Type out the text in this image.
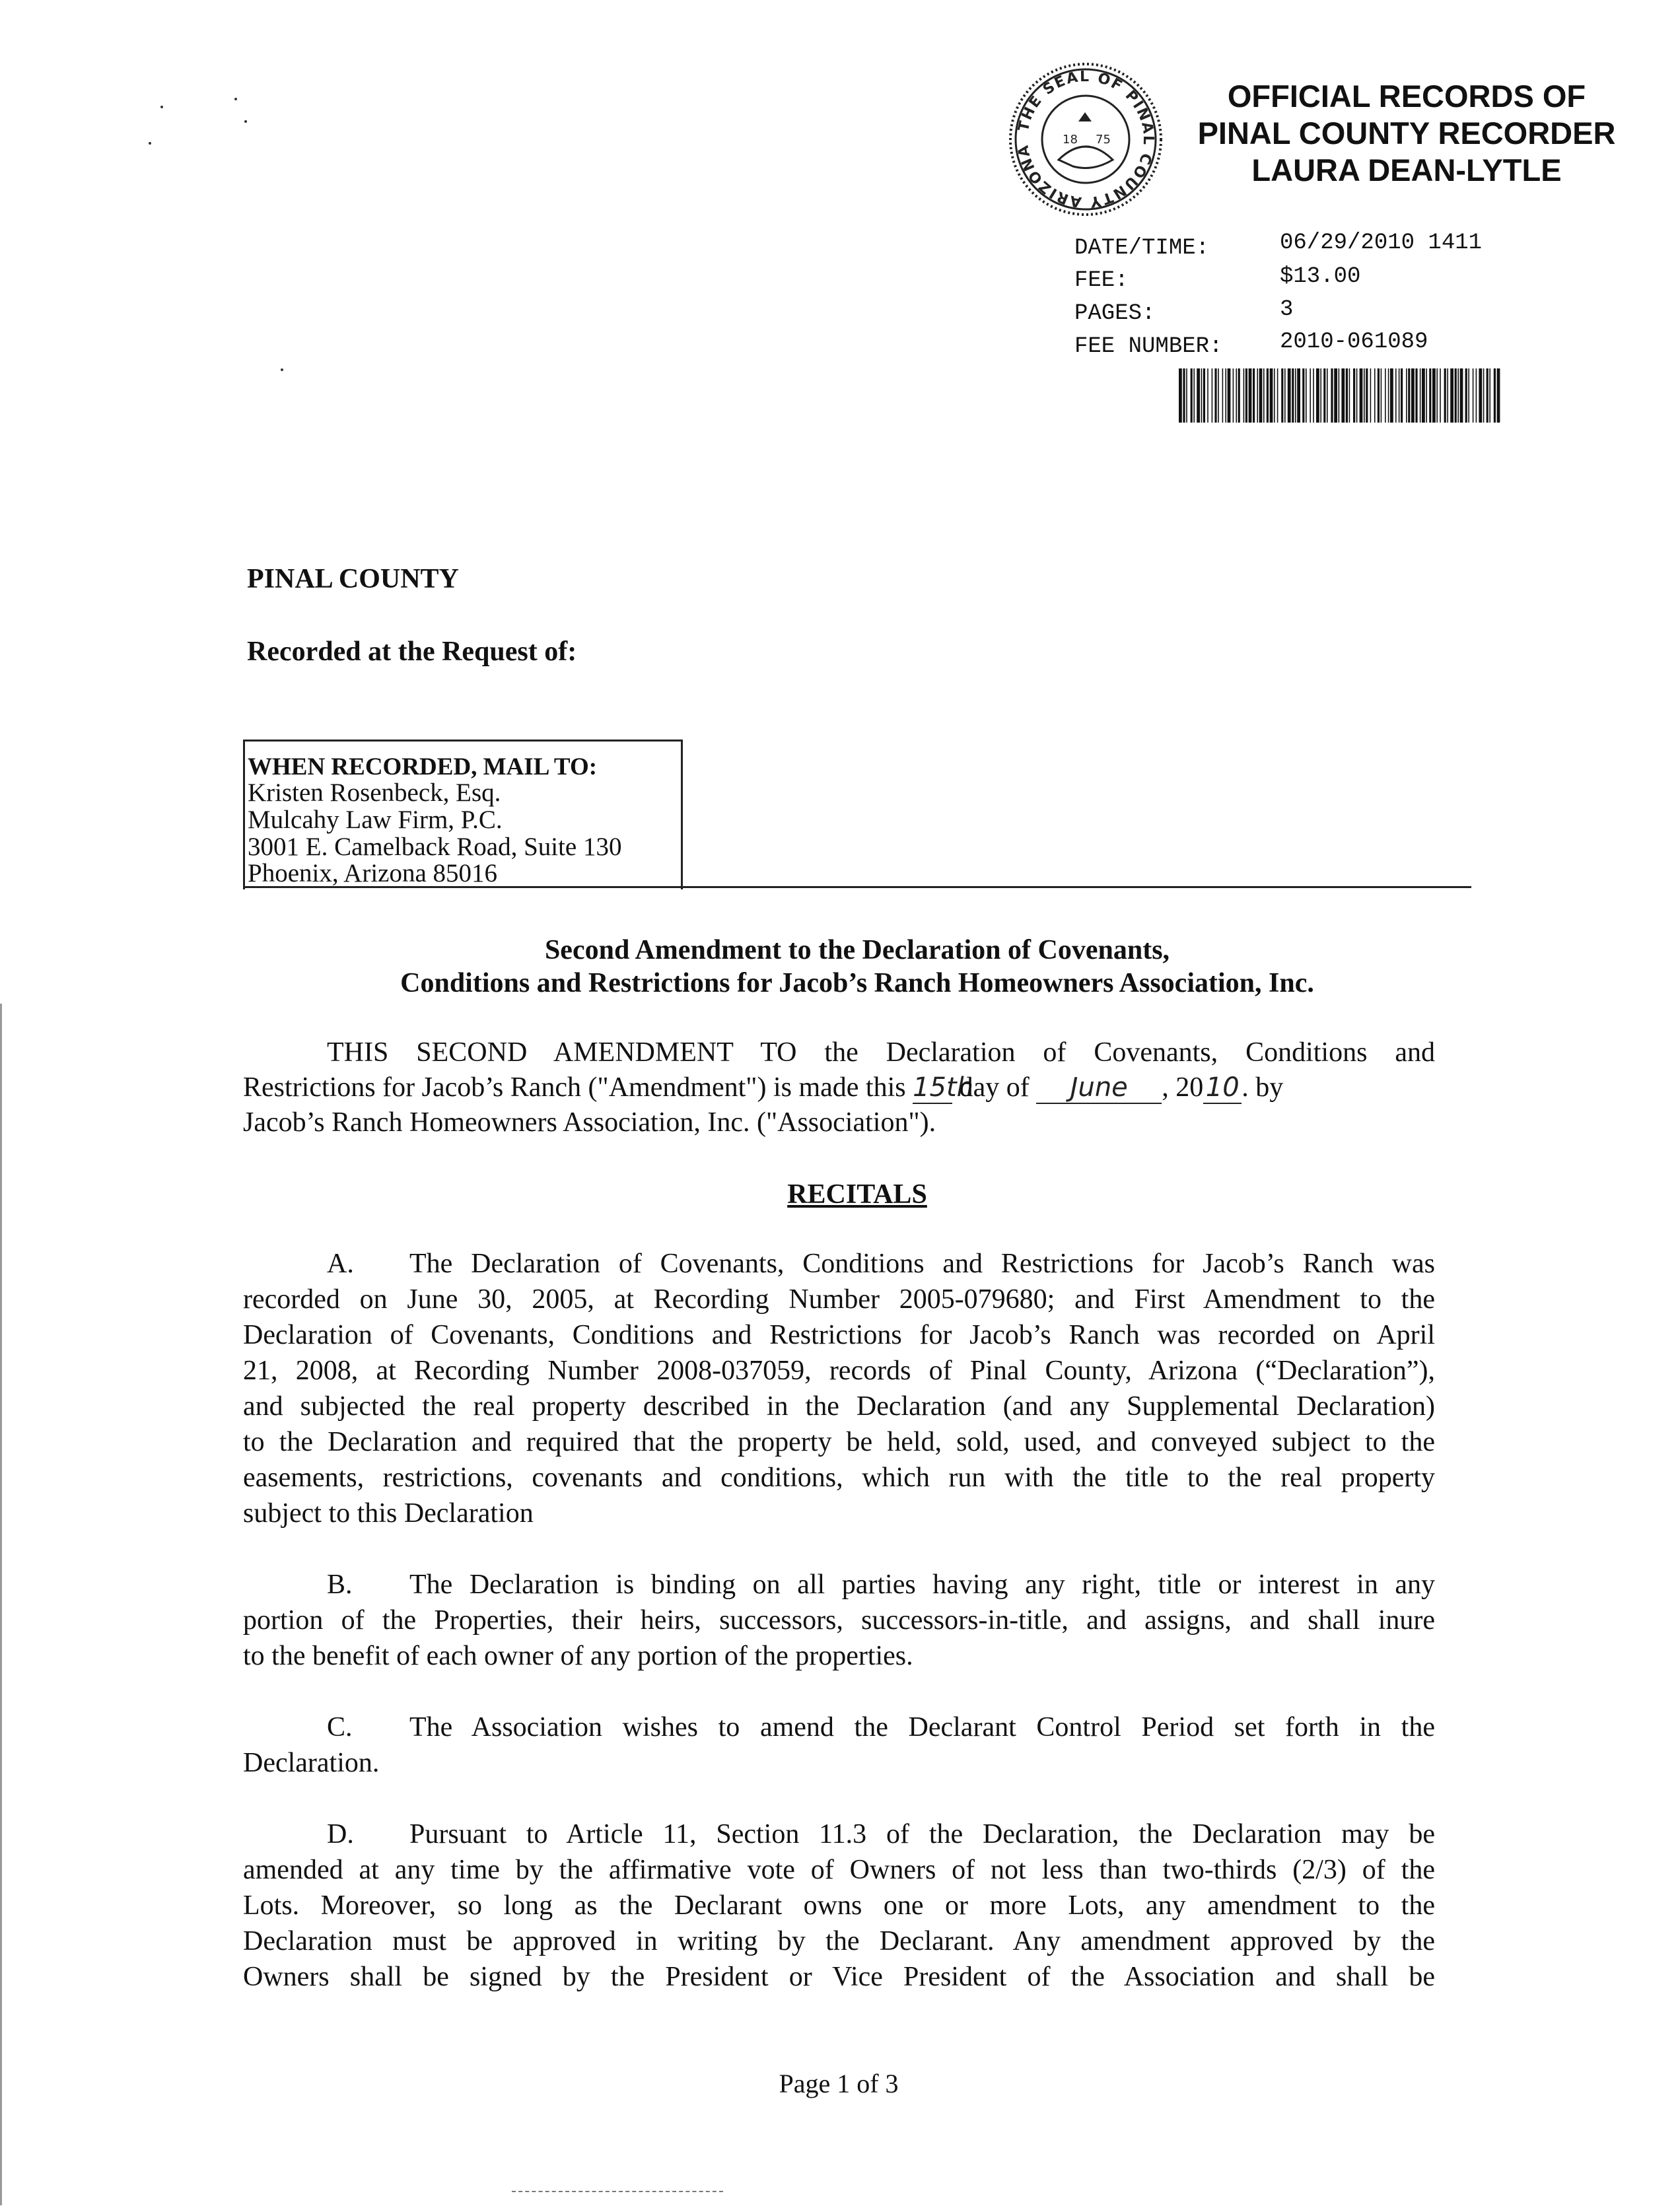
THE SEAL OF PINAL COUNTY ARIZONA
18 75
OFFICIAL RECORDS OF
PINAL COUNTY RECORDER
LAURA DEAN-LYTLE
DATE/TIME:	06/29/2010 1411
FEE:	$13.00
PAGES:	3
FEE NUMBER:	2010-061089
PINAL COUNTY
Recorded at the Request of:
WHEN RECORDED, MAIL TO:
Kristen Rosenbeck, Esq.
Mulcahy Law Firm, P.C.
3001 E. Camelback Road, Suite 130
Phoenix, Arizona 85016
Second Amendment to the Declaration of Covenants,
Conditions and Restrictions for Jacob’s Ranch Homeowners Association, Inc.
THIS SECOND AMENDMENT TO the Declaration of Covenants, Conditions and
Restrictions for Jacob’s Ranch ("Amendment") is made this 15th day of June , 2010. by
Jacob’s Ranch Homeowners Association, Inc. ("Association").
RECITALS
A. The Declaration of Covenants, Conditions and Restrictions for Jacob’s Ranch was
recorded on June 30, 2005, at Recording Number 2005-079680; and First Amendment to the
Declaration of Covenants, Conditions and Restrictions for Jacob’s Ranch was recorded on April
21, 2008, at Recording Number 2008-037059, records of Pinal County, Arizona (“Declaration”),
and subjected the real property described in the Declaration (and any Supplemental Declaration)
to the Declaration and required that the property be held, sold, used, and conveyed subject to the
easements, restrictions, covenants and conditions, which run with the title to the real property
subject to this Declaration
B. The Declaration is binding on all parties having any right, title or interest in any
portion of the Properties, their heirs, successors, successors-in-title, and assigns, and shall inure
to the benefit of each owner of any portion of the properties.
C. The Association wishes to amend the Declarant Control Period set forth in the
Declaration.
D. Pursuant to Article 11, Section 11.3 of the Declaration, the Declaration may be
amended at any time by the affirmative vote of Owners of not less than two-thirds (2/3) of the
Lots. Moreover, so long as the Declarant owns one or more Lots, any amendment to the
Declaration must be approved in writing by the Declarant. Any amendment approved by the
Owners shall be signed by the President or Vice President of the Association and shall be
Page 1 of 3
